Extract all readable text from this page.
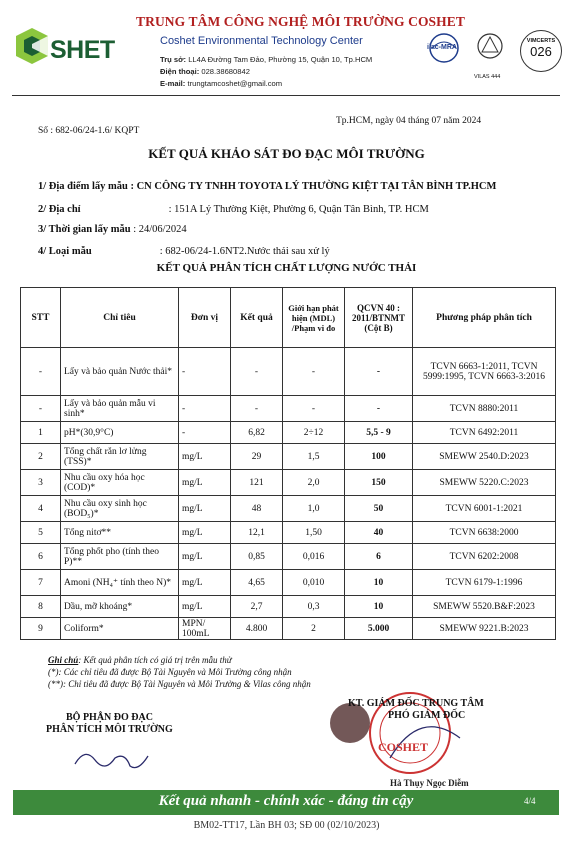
SHET
TRUNG TÂM CÔNG NGHỆ MÔI TRƯỜNG COSHET
Coshet Environmental Technology Center
Trụ sở: LL4A Đường Tam Đảo, Phường 15, Quận 10, Tp.HCM
Điện thoại: 028.38680842
E-mail: trungtamcoshet@gmail.com
ilac-MRA
VILAS 444
VIMCERTS
026
Số : 682-06/24-1.6/ KQPT
Tp.HCM, ngày 04 tháng 07 năm 2024
KẾT QUẢ KHẢO SÁT ĐO ĐẠC MÔI TRƯỜNG
1/ Địa điểm lấy mẫu : CN CÔNG TY TNHH TOYOTA LÝ THƯỜNG KIỆT TẠI TÂN BÌNH TP.HCM
2/ Địa chỉ	: 151A Lý Thường Kiệt, Phường 6, Quận Tân Bình, TP. HCM
3/ Thời gian lấy mẫu : 24/06/2024
4/ Loại mẫu	: 682-06/24-1.6NT2.Nước thải sau xử lý
KẾT QUẢ PHÂN TÍCH CHẤT LƯỢNG NƯỚC THẢI
STT	Chỉ tiêu	Đơn vị	Kết quả	Giới hạn phát hiện (MDL) /Phạm vi đo	QCVN 40 : 2011/BTNMT (Cột B)	Phương pháp phân tích
-	Lấy và bảo quản Nước thải*	-	-	-	-	TCVN 6663-1:2011, TCVN 5999:1995, TCVN 6663-3:2016
-	Lấy và bảo quản mẫu vi sinh*	-	-	-	-	TCVN 8880:2011
1	pH*(30,9°C)	-	6,82	2÷12	5,5 - 9	TCVN 6492:2011
2	Tổng chất rắn lơ lửng (TSS)*	mg/L	29	1,5	100	SMEWW 2540.D:2023
3	Nhu cầu oxy hóa học (COD)*	mg/L	121	2,0	150	SMEWW 5220.C:2023
4	Nhu cầu oxy sinh học (BOD₅)*	mg/L	48	1,0	50	TCVN 6001-1:2021
5	Tổng nitơ**	mg/L	12,1	1,50	40	TCVN 6638:2000
6	Tổng phốt pho (tính theo P)**	mg/L	0,85	0,016	6	TCVN 6202:2008
7	Amoni (NH₄⁺ tính theo N)*	mg/L	4,65	0,010	10	TCVN 6179-1:1996
8	Dầu, mỡ khoáng*	mg/L	2,7	0,3	10	SMEWW 5520.B&F:2023
9	Coliform*	MPN/ 100mL	4.800	2	5.000	SMEWW 9221.B:2023
Ghi chú: Kết quả phân tích có giá trị trên mẫu thử
(*): Các chỉ tiêu đã được Bộ Tài Nguyên và Môi Trường công nhận
(**): Chỉ tiêu đã được Bộ Tài Nguyên và Môi Trường & Vilas công nhận
BỘ PHẬN ĐO ĐẠC
PHÂN TÍCH MÔI TRƯỜNG
COSHET
KT. GIÁM ĐỐC TRUNG TÂM
PHÓ GIÁM ĐỐC
Hà Thụy Ngọc Diễm
Kết quả nhanh - chính xác - đáng tin cậy	4/4
BM02-TT17, Lần BH 03; SĐ 00 (02/10/2023)
